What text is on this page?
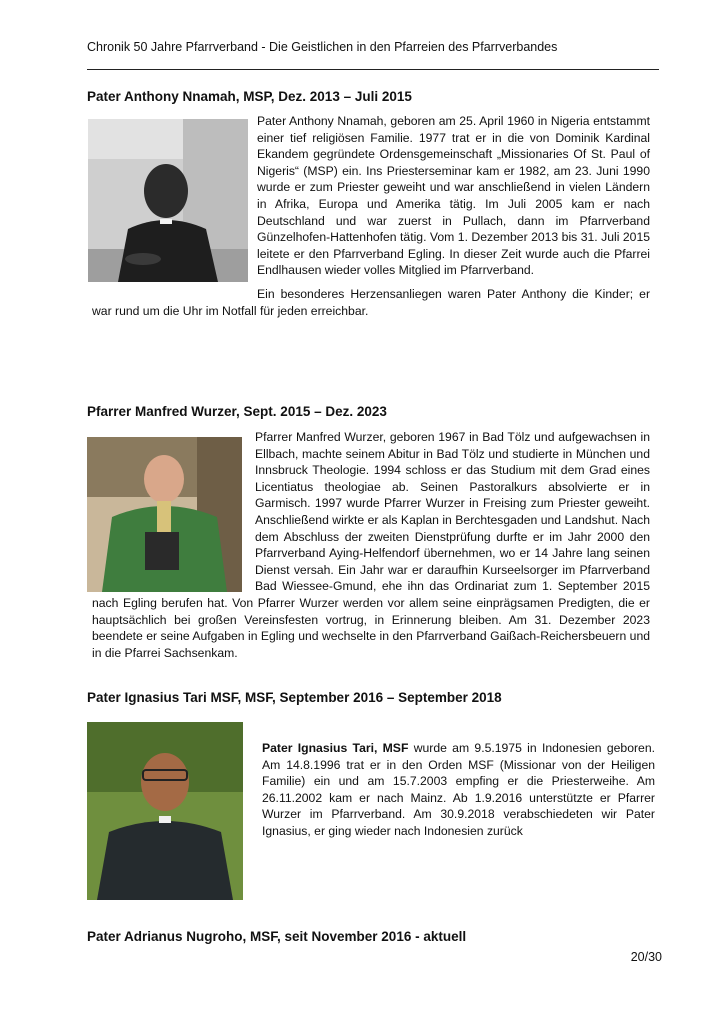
Chronik 50 Jahre Pfarrverband - Die Geistlichen in den Pfarreien des Pfarrverbandes
Pater Anthony Nnamah, MSP, Dez. 2013 – Juli 2015
Pater Anthony Nnamah, geboren am 25. April 1960 in Nigeria entstammt einer tief religiösen Familie. 1977 trat er in die von Dominik Kardinal Ekandem gegründete Ordensgemeinschaft „Missionaries Of St. Paul of Nigeris“ (MSP) ein. Ins Priesterseminar kam er 1982, am 23. Juni 1990 wurde er zum Priester geweiht und war anschließend in vielen Ländern in Afrika, Europa und Amerika tätig. Im Juli 2005 kam er nach Deutschland und war zuerst in Pullach, dann im Pfarrverband Günzelhofen-Hattenhofen tätig. Vom 1. Dezember 2013 bis 31. Juli 2015 leitete er den Pfarrverband Egling. In dieser Zeit wurde auch die Pfarrei Endlhausen wieder volles Mitglied im Pfarrverband.
Ein besonderes Herzensanliegen waren Pater Anthony die Kinder; er war rund um die Uhr im Notfall für jeden erreichbar.
Pfarrer Manfred Wurzer, Sept. 2015 – Dez. 2023
Pfarrer Manfred Wurzer, geboren 1967 in Bad Tölz und aufgewachsen in Ellbach, machte seinem Abitur in Bad Tölz und studierte in München und Innsbruck Theologie. 1994 schloss er das Studium mit dem Grad eines Licentiatus theologiae ab. Seinen Pastoralkurs absolvierte er in Garmisch. 1997 wurde Pfarrer Wurzer in Freising zum Priester geweiht. Anschließend wirkte er als Kaplan in Berchtesgaden und Landshut. Nach dem Abschluss der zweiten Dienstprüfung durfte er im Jahr 2000 den Pfarrverband Aying-Helfendorf übernehmen, wo er 14 Jahre lang seinen Dienst versah. Ein Jahr war er daraufhin Kurseelsorger im Pfarrverband Bad Wiessee-Gmund, ehe ihn das Ordinariat zum 1. September 2015 nach Egling berufen hat. Von Pfarrer Wurzer werden vor allem seine einprägsamen Predigten, die er hauptsächlich bei großen Vereinsfesten vortrug, in Erinnerung bleiben. Am 31. Dezember 2023 beendete er seine Aufgaben in Egling und wechselte in den Pfarrverband Gaißach-Reichersbeuern und in die Pfarrei Sachsenkam.
Pater Ignasius Tari MSF, MSF, September 2016 – September 2018
Pater Ignasius Tari, MSF wurde am 9.5.1975 in Indonesien geboren. Am 14.8.1996 trat er in den Orden MSF (Missionar von der Heiligen Familie) ein und am 15.7.2003 empfing er die Priesterweihe. Am 26.11.2002 kam er nach Mainz. Ab 1.9.2016 unterstützte er Pfarrer Wurzer im Pfarrverband. Am 30.9.2018 verabschiedeten wir Pater Ignasius, er ging wieder nach Indonesien zurück
Pater Adrianus Nugroho, MSF, seit November 2016 - aktuell
20/30
